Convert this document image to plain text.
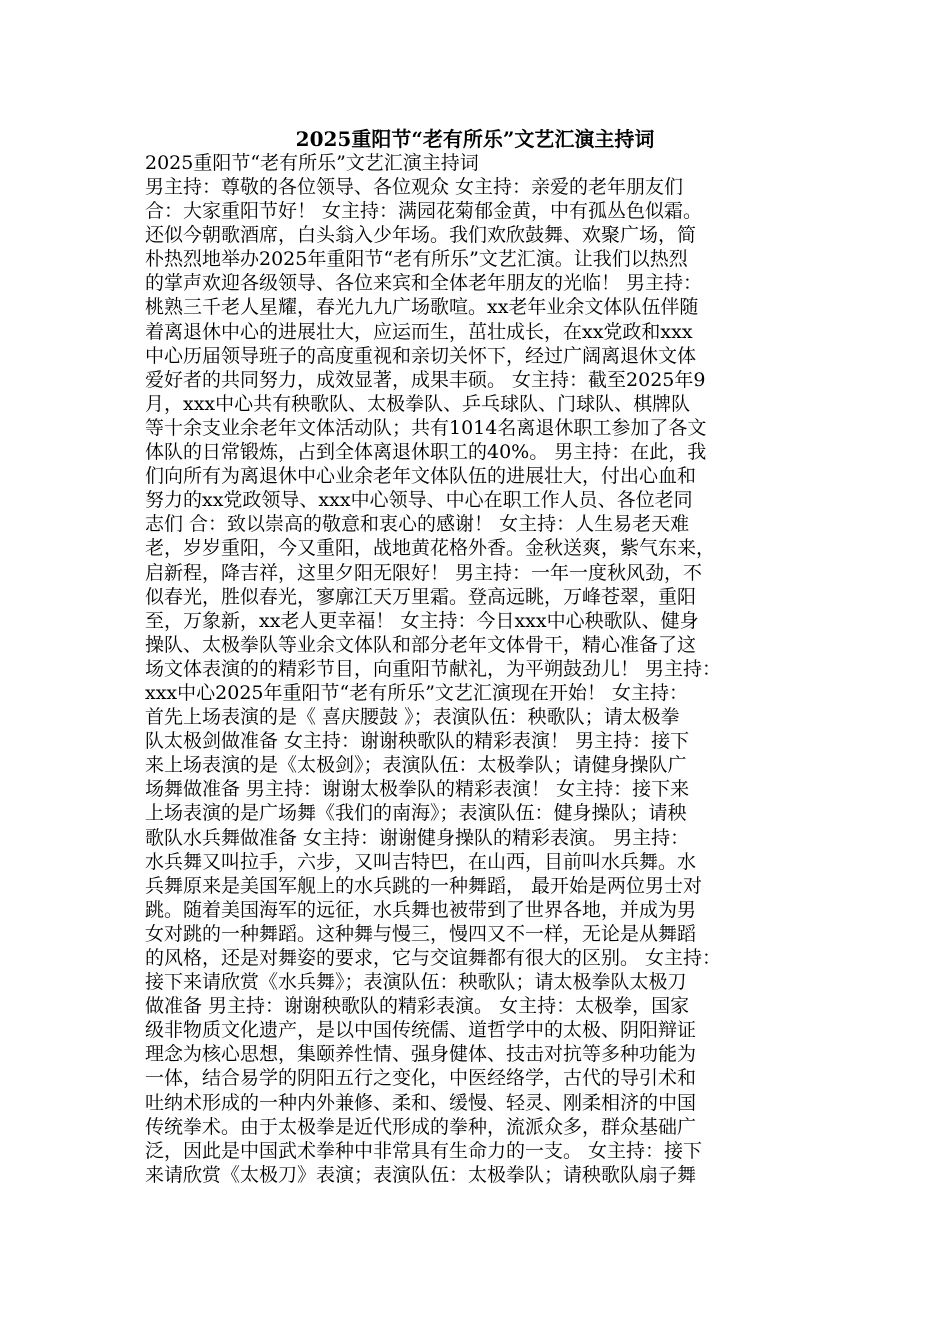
2025重阳节“老有所乐”文艺汇演主持词
2025重阳节“老有所乐”文艺汇演主持词
男主持：尊敬的各位领导、各位观众 女主持：亲爱的老年朋友们
合：大家重阳节好！ 女主持：满园花菊郁金黄，中有孤丛色似霜。
还似今朝歌酒席，白头翁入少年场。我们欢欣鼓舞、欢聚广场，简
朴热烈地举办2025年重阳节“老有所乐”文艺汇演。让我们以热烈
的掌声欢迎各级领导、各位来宾和全体老年朋友的光临！ 男主持：
桃熟三千老人星耀，春光九九广场歌喧。xx老年业余文体队伍伴随
着离退休中心的进展壮大，应运而生，茁壮成长，在xx党政和xxx
中心历届领导班子的高度重视和亲切关怀下，经过广阔离退休文体
爱好者的共同努力，成效显著，成果丰硕。 女主持：截至2025年9
月，xxx中心共有秧歌队、太极拳队、乒乓球队、门球队、棋牌队
等十余支业余老年文体活动队；共有1014名离退休职工参加了各文
体队的日常锻炼，占到全体离退休职工的40%。 男主持：在此，我
们向所有为离退休中心业余老年文体队伍的进展壮大，付出心血和
努力的xx党政领导、xxx中心领导、中心在职工作人员、各位老同
志们 合：致以崇高的敬意和衷心的感谢！ 女主持：人生易老天难
老，岁岁重阳，今又重阳，战地黄花格外香。金秋送爽，紫气东来，
启新程，降吉祥，这里夕阳无限好！ 男主持：一年一度秋风劲，不
似春光，胜似春光，寥廓江天万里霜。登高远眺，万峰苍翠，重阳
至，万象新，xx老人更幸福！ 女主持：今日xxx中心秧歌队、健身
操队、太极拳队等业余文体队和部分老年文体骨干，精心准备了这
场文体表演的的精彩节目，向重阳节献礼，为平朔鼓劲儿！ 男主持：
xxx中心2025年重阳节“老有所乐”文艺汇演现在开始！ 女主持：
首先上场表演的是《 喜庆腰鼓 》；表演队伍：秧歌队；请太极拳
队太极剑做准备 女主持：谢谢秧歌队的精彩表演！ 男主持：接下
来上场表演的是《太极剑》；表演队伍：太极拳队；请健身操队广
场舞做准备 男主持：谢谢太极拳队的精彩表演！ 女主持：接下来
上场表演的是广场舞《我们的南海》；表演队伍：健身操队；请秧
歌队水兵舞做准备 女主持：谢谢健身操队的精彩表演。 男主持：
水兵舞又叫拉手，六步，又叫吉特巴，在山西，目前叫水兵舞。水
兵舞原来是美国军舰上的水兵跳的一种舞蹈， 最开始是两位男士对
跳。随着美国海军的远征，水兵舞也被带到了世界各地，并成为男
女对跳的一种舞蹈。这种舞与慢三，慢四又不一样，无论是从舞蹈
的风格，还是对舞姿的要求，它与交谊舞都有很大的区别。 女主持：
接下来请欣赏《水兵舞》；表演队伍：秧歌队；请太极拳队太极刀
做准备 男主持：谢谢秧歌队的精彩表演。 女主持：太极拳，国家
级非物质文化遗产，是以中国传统儒、道哲学中的太极、阴阳辩证
理念为核心思想，集颐养性情、强身健体、技击对抗等多种功能为
一体，结合易学的阴阳五行之变化，中医经络学，古代的导引术和
吐纳术形成的一种内外兼修、柔和、缓慢、轻灵、刚柔相济的中国
传统拳术。由于太极拳是近代形成的拳种，流派众多，群众基础广
泛，因此是中国武术拳种中非常具有生命力的一支。 女主持：接下
来请欣赏《太极刀》表演；表演队伍：太极拳队；请秧歌队扇子舞
